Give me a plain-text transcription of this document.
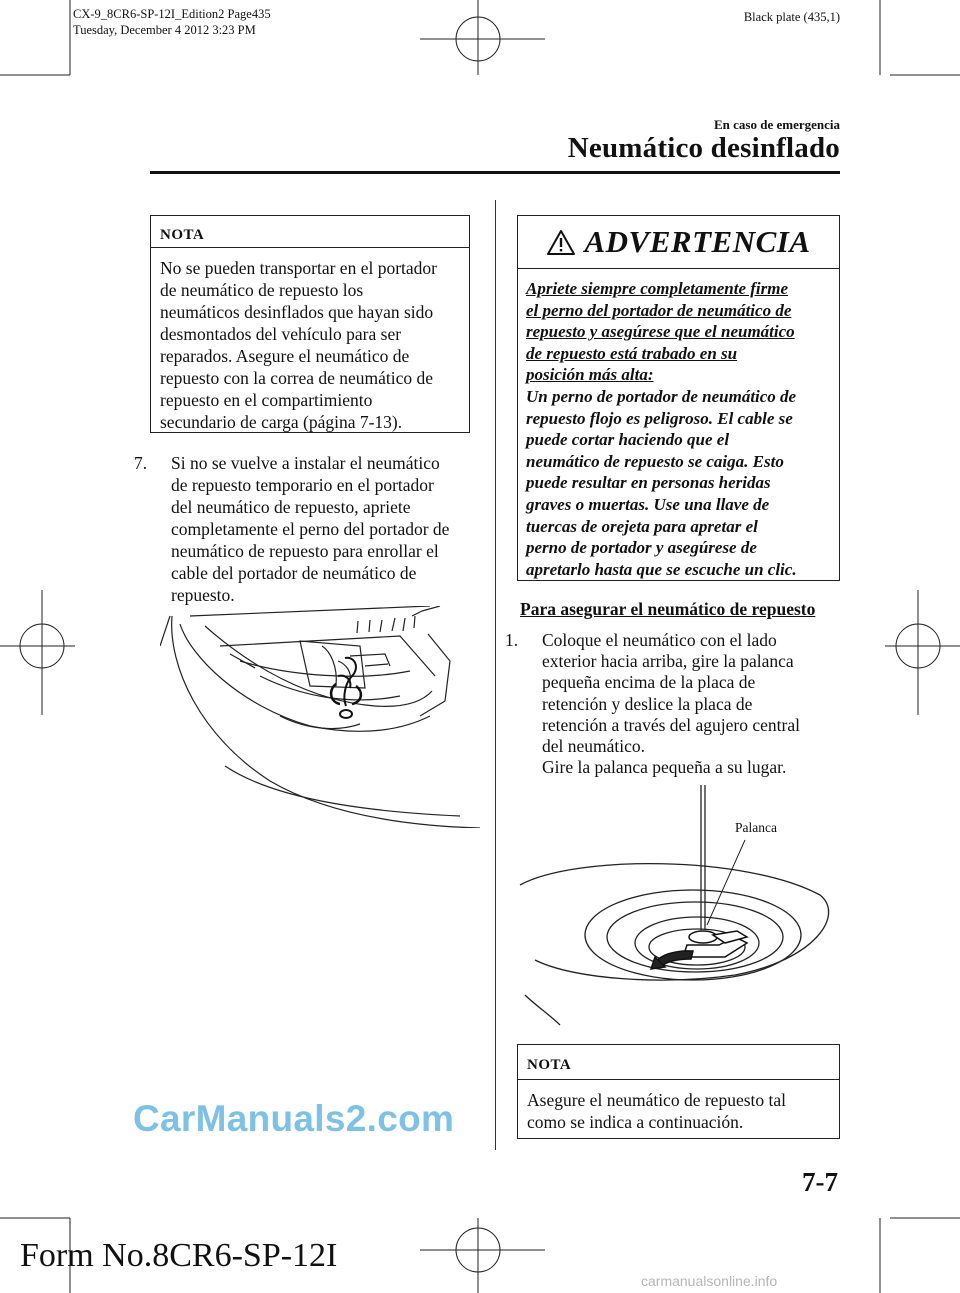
CX-9_8CR6-SP-12I_Edition2 Page435
Tuesday, December 4 2012 3:23 PM
Black plate (435,1)
En caso de emergencia
Neumático desinflado
NOTA
No se pueden transportar en el portador
de neumático de repuesto los
neumáticos desinflados que hayan sido
desmontados del vehículo para ser
reparados. Asegure el neumático de
repuesto con la correa de neumático de
repuesto en el compartimiento
secundario de carga (página 7-13).
7.	Si no se vuelve a instalar el neumático
de repuesto temporario en el portador
del neumático de repuesto, apriete
completamente el perno del portador de
neumático de repuesto para enrollar el
cable del portador de neumático de
repuesto.
ADVERTENCIA
Apriete siempre completamente firme
el perno del portador de neumático de
repuesto y asegúrese que el neumático
de repuesto está trabado en su
posición más alta:
Un perno de portador de neumático de
repuesto flojo es peligroso. El cable se
puede cortar haciendo que el
neumático de repuesto se caiga. Esto
puede resultar en personas heridas
graves o muertas. Use una llave de
tuercas de orejeta para apretar el
perno de portador y asegúrese de
apretarlo hasta que se escuche un clic.
Para asegurar el neumático de repuesto
1.	Coloque el neumático con el lado
exterior hacia arriba, gire la palanca
pequeña encima de la placa de
retención y deslice la placa de
retención a través del agujero central
del neumático.
Gire la palanca pequeña a su lugar.
Palanca
NOTA
Asegure el neumático de repuesto tal
como se indica a continuación.
CarManuals2.com
7-7
Form No.8CR6-SP-12I
carmanualsonline.info
